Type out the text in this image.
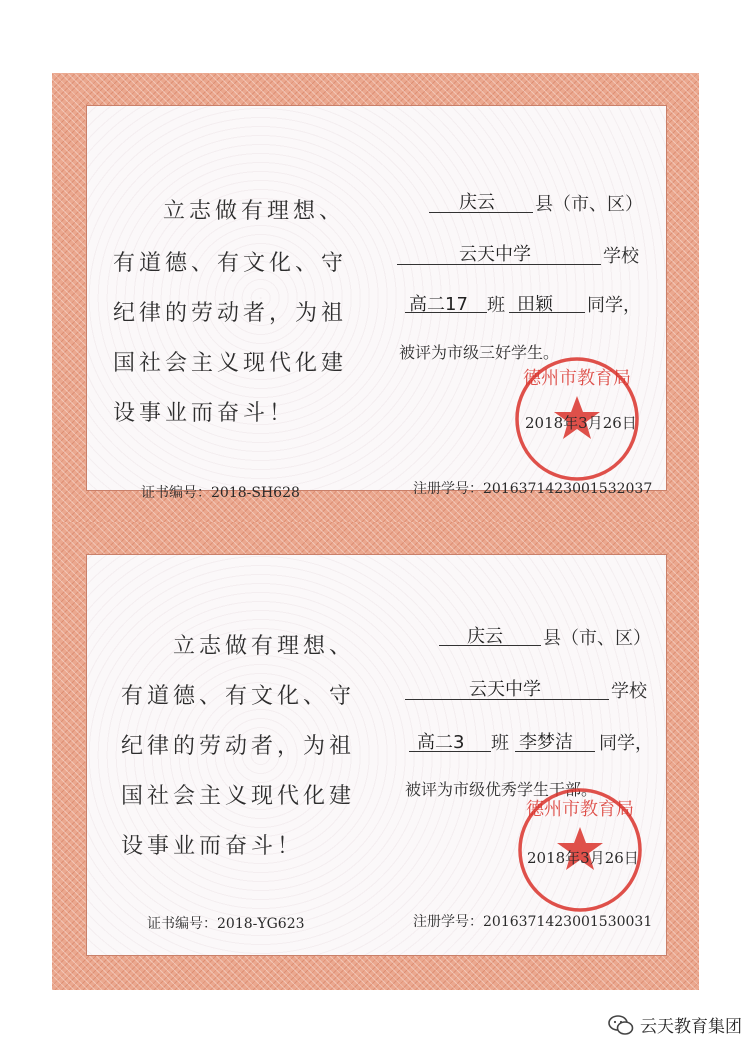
立志做有理想、
有道德、有文化、守
纪律的劳动者，为祖
国社会主义现代化建
设事业而奋斗！
庆云 县（市、区）
云天中学	学校
高二17 班 田颖 同学，
被评为市级三好学生。
德州市教育局
2018年3月26日
证书编号：2018-SH628	注册学号：2016371423001532037
立志做有理想、
有道德、有文化、守
纪律的劳动者，为祖
国社会主义现代化建
设事业而奋斗！
庆云 县（市、区）
云天中学	学校
高二3 班 李梦洁 同学，
被评为市级优秀学生干部。
德州市教育局
2018年3月26日
证书编号：2018-YG623	注册学号：2016371423001530031
云天教育集团
